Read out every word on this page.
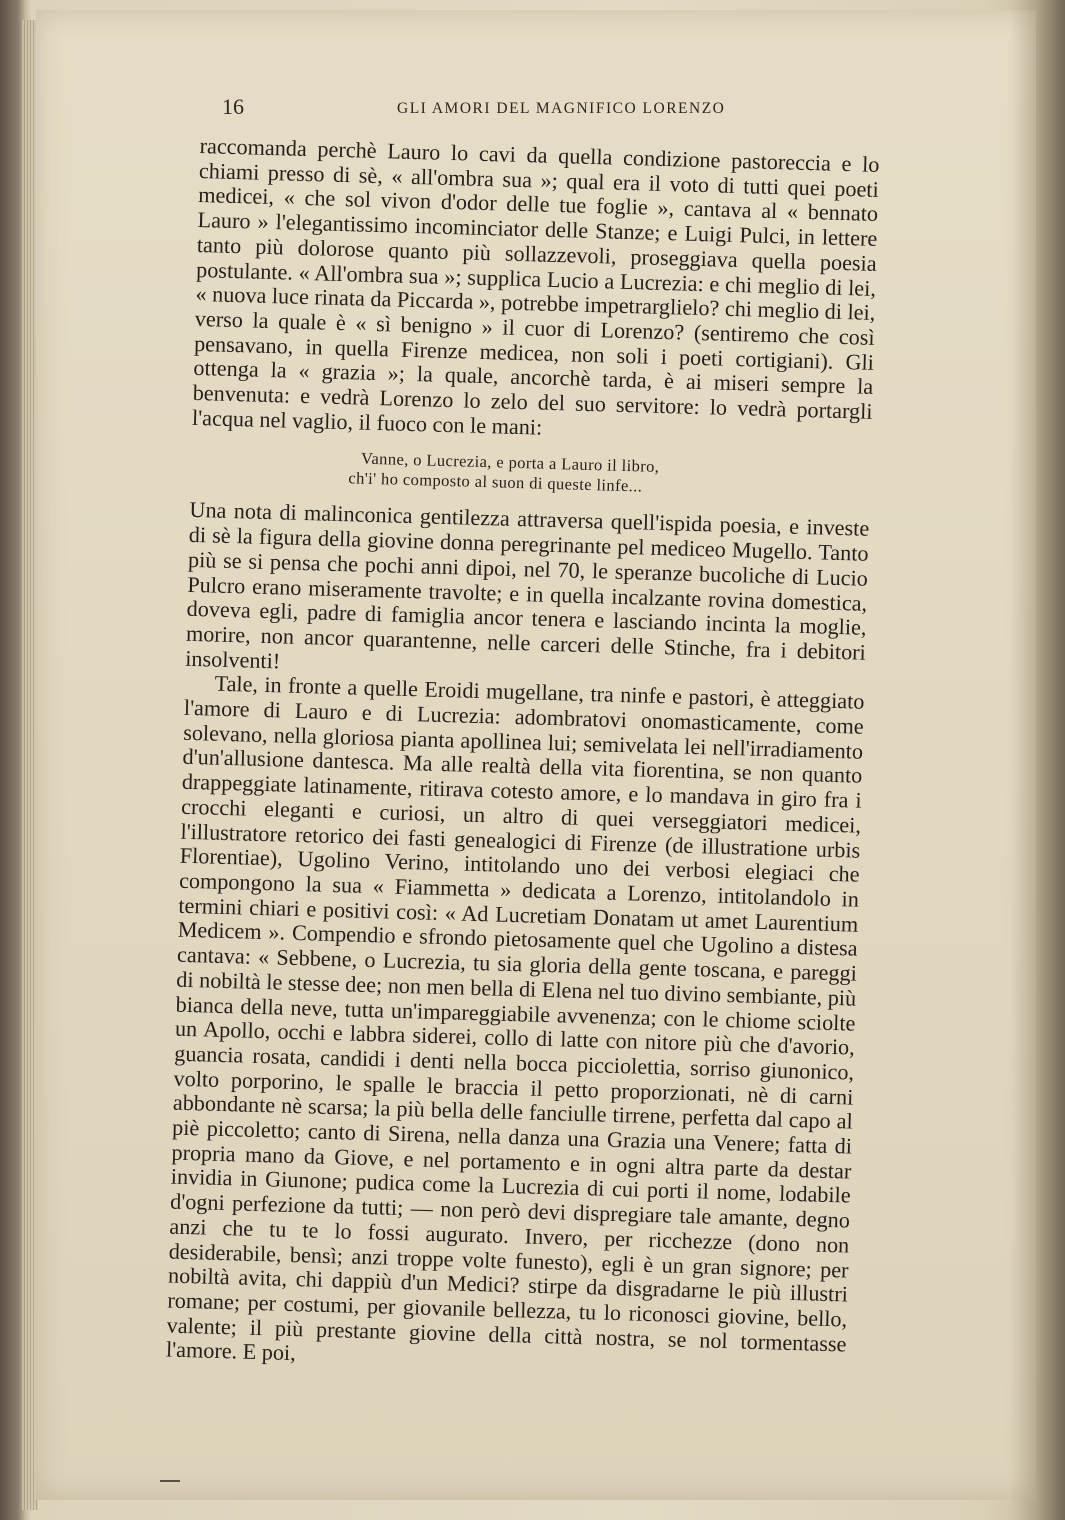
16	GLI AMORI DEL MAGNIFICO LORENZO

raccomanda perchè Lauro lo cavi da quella condizione pastoreccia e lo chiami presso di sè, « all'ombra sua »; qual era il voto di tutti quei poeti medicei, « che sol vivon d'odor delle tue foglie », cantava al « bennato Lauro » l'elegantissimo incominciator delle Stanze; e Luigi Pulci, in lettere tanto più dolorose quanto più sollazzevoli, proseggiava quella poesia postulante. « All'ombra sua »; supplica Lucio a Lucrezia: e chi meglio di lei, « nuova luce rinata da Piccarda », potrebbe impetrarglielo? chi meglio di lei, verso la quale è « sì benigno » il cuor di Lorenzo? (sentiremo che così pensavano, in quella Firenze medicea, non soli i poeti cortigiani). Gli ottenga la « grazia »; la quale, ancorchè tarda, è ai miseri sempre la benvenuta: e vedrà Lorenzo lo zelo del suo servitore: lo vedrà portargli l'acqua nel vaglio, il fuoco con le mani:

Vanne, o Lucrezia, e porta a Lauro il libro,
ch'i' ho composto al suon di queste linfe...

Una nota di malinconica gentilezza attraversa quell'ispida poesia, e investe di sè la figura della giovine donna peregrinante pel mediceo Mugello. Tanto più se si pensa che pochi anni dipoi, nel 70, le speranze bucoliche di Lucio Pulcro erano miseramente travolte; e in quella incalzante rovina domestica, doveva egli, padre di famiglia ancor tenera e lasciando incinta la moglie, morire, non ancor quarantenne, nelle carceri delle Stinche, fra i debitori insolventi!

Tale, in fronte a quelle Eroidi mugellane, tra ninfe e pastori, è atteggiato l'amore di Lauro e di Lucrezia: adombratovi onomasticamente, come solevano, nella gloriosa pianta apollinea lui; semivelata lei nell'irradiamento d'un'allusione dantesca. Ma alle realtà della vita fiorentina, se non quanto drappeggiate latinamente, ritirava cotesto amore, e lo mandava in giro fra i crocchi eleganti e curiosi, un altro di quei verseggiatori medicei, l'illustratore retorico dei fasti genealogici di Firenze (de illustratione urbis Florentiae), Ugolino Verino, intitolando uno dei verbosi elegiaci che compongono la sua « Fiammetta » dedicata a Lorenzo, intitolandolo in termini chiari e positivi così: « Ad Lucretiam Donatam ut amet Laurentium Medicem ». Compendio e sfrondo pietosamente quel che Ugolino a distesa cantava: « Sebbene, o Lucrezia, tu sia gloria della gente toscana, e pareggi di nobiltà le stesse dee; non men bella di Elena nel tuo divino sembiante, più bianca della neve, tutta un'impareggiabile avvenenza; con le chiome sciolte un Apollo, occhi e labbra siderei, collo di latte con nitore più che d'avorio, guancia rosata, candidi i denti nella bocca picciolettia, sorriso giunonico, volto porporino, le spalle le braccia il petto proporzionati, nè di carni abbondante nè scarsa; la più bella delle fanciulle tirrene, perfetta dal capo al piè piccoletto; canto di Sirena, nella danza una Grazia una Venere; fatta di propria mano da Giove, e nel portamento e in ogni altra parte da destar invidia in Giunone; pudica come la Lucrezia di cui porti il nome, lodabile d'ogni perfezione da tutti; — non però devi dispregiare tale amante, degno anzi che tu te lo fossi augurato. Invero, per ricchezze (dono non desiderabile, bensì; anzi troppe volte funesto), egli è un gran signore; per nobiltà avita, chi dappiù d'un Medici? stirpe da disgradarne le più illustri romane; per costumi, per giovanile bellezza, tu lo riconosci giovine, bello, valente; il più prestante giovine della città nostra, se nol tormentasse l'amore. E poi,
